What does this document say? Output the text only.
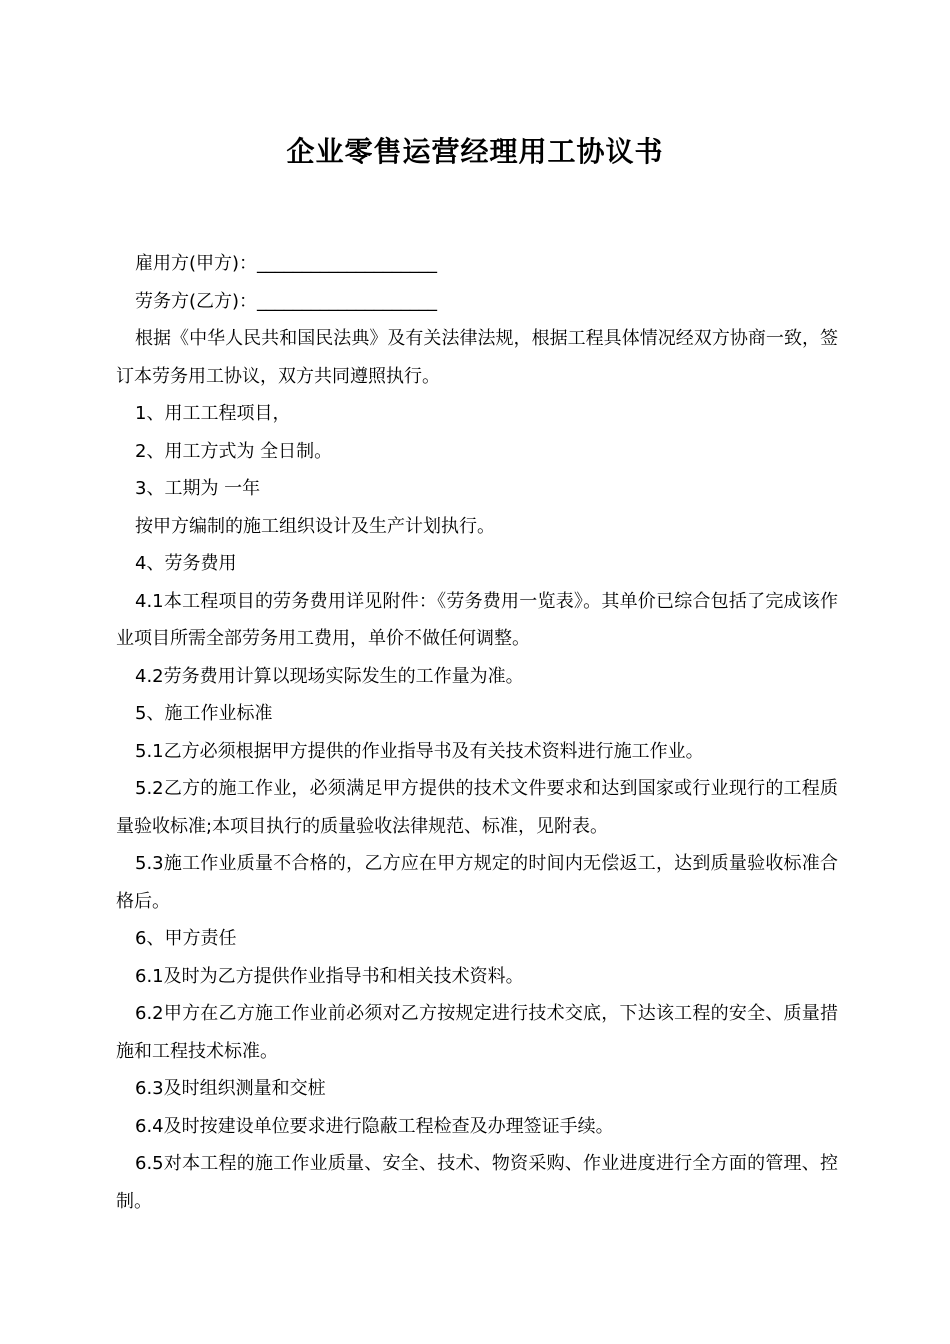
企业零售运营经理用工协议书

雇用方(甲方)：____________________

劳务方(乙方)：____________________

根据《中华人民共和国民法典》及有关法律法规，根据工程具体情况经双方协商一致，签订本劳务用工协议，双方共同遵照执行。

1、用工工程项目，

2、用工方式为 全日制。

3、工期为 一年

按甲方编制的施工组织设计及生产计划执行。

4、劳务费用

4.1本工程项目的劳务费用详见附件：《劳务费用一览表》。其单价已综合包括了完成该作业项目所需全部劳务用工费用，单价不做任何调整。

4.2劳务费用计算以现场实际发生的工作量为准。

5、施工作业标准

5.1乙方必须根据甲方提供的作业指导书及有关技术资料进行施工作业。

5.2乙方的施工作业，必须满足甲方提供的技术文件要求和达到国家或行业现行的工程质量验收标准;本项目执行的质量验收法律规范、标准，见附表。

5.3施工作业质量不合格的，乙方应在甲方规定的时间内无偿返工，达到质量验收标准合格后。

6、甲方责任

6.1及时为乙方提供作业指导书和相关技术资料。

6.2甲方在乙方施工作业前必须对乙方按规定进行技术交底，下达该工程的安全、质量措施和工程技术标准。

6.3及时组织测量和交桩

6.4及时按建设单位要求进行隐蔽工程检查及办理签证手续。

6.5对本工程的施工作业质量、安全、技术、物资采购、作业进度进行全方面的管理、控制。
